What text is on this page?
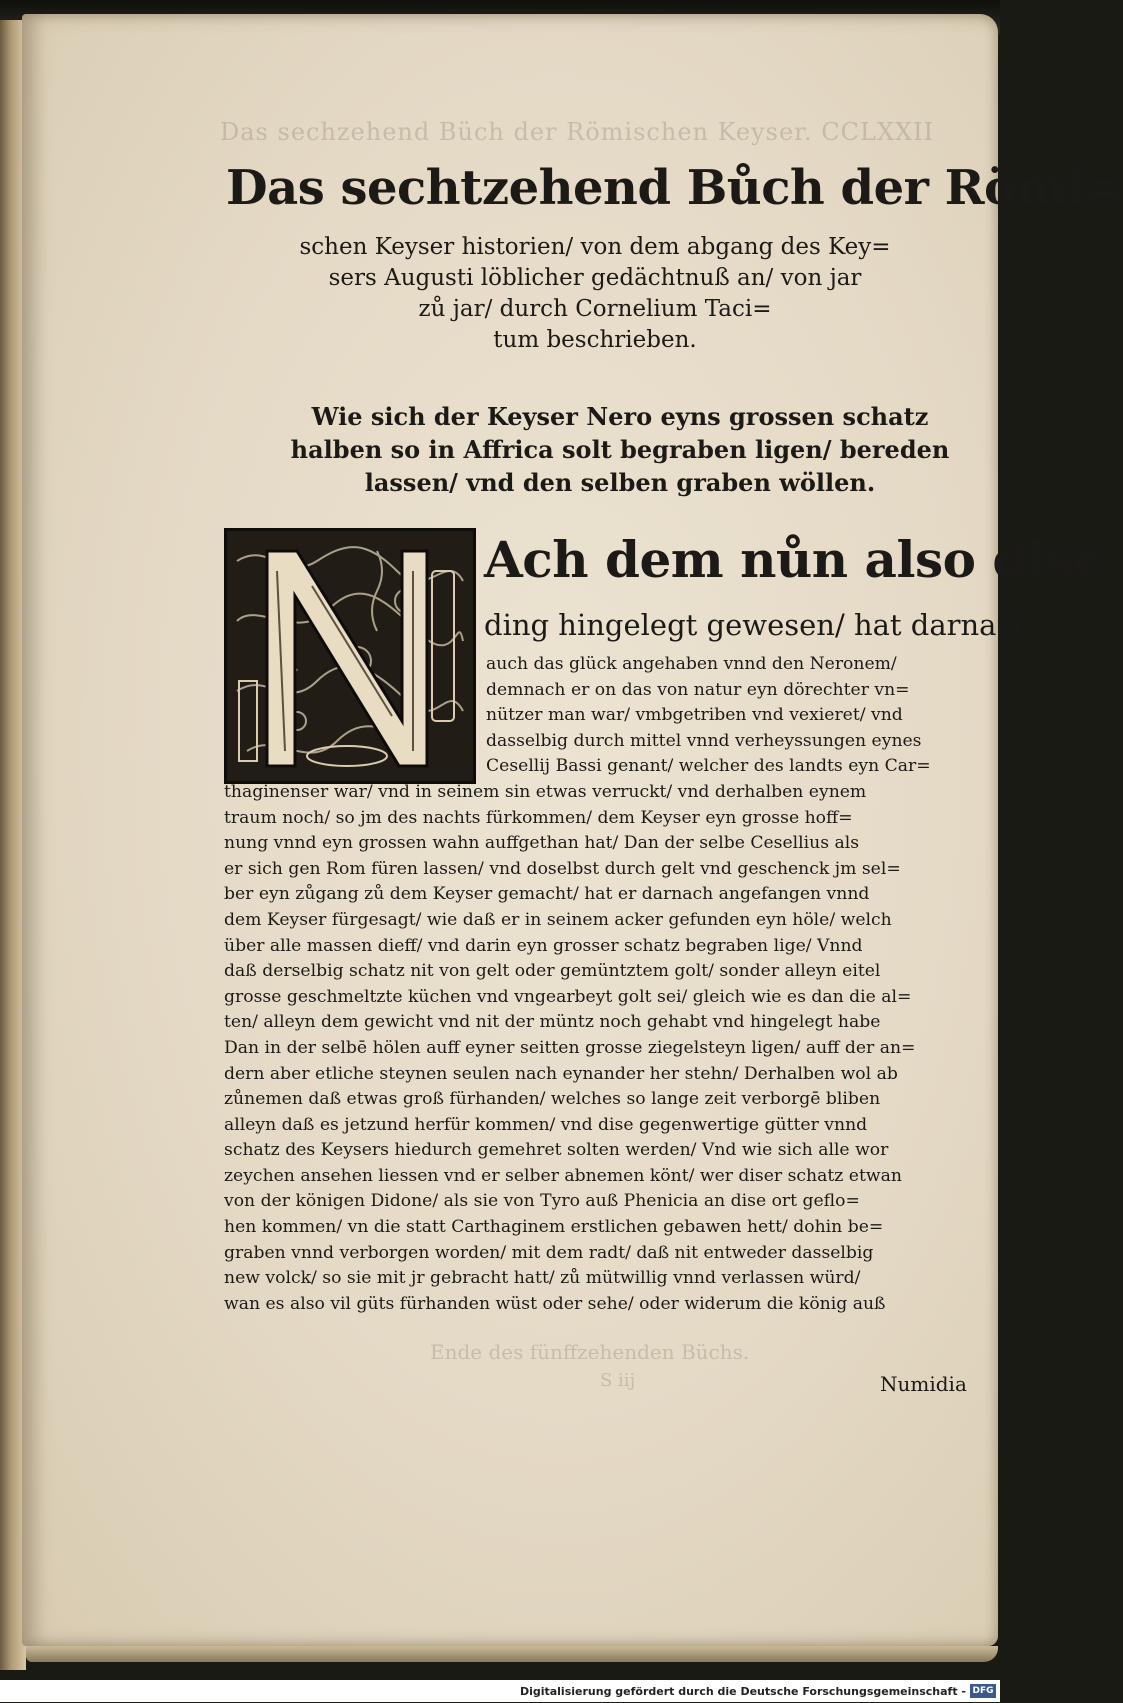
Das sechzehend Büch der Römischen Keyser. CCLXXII
Das sechtzehend Bůch der Römi=
schen Keyser historien/ von dem abgang des Key=
sers Augusti löblicher gedächtnuß an/ von jar
zů jar/ durch Cornelium Taci=
tum beschrieben.
Wie sich der Keyser Nero eyns grossen schatz
halben so in Affrica solt begraben ligen/ bereden
lassen/ vnd den selben graben wöllen.
Ach dem nůn also dise
ding hingelegt gewesen/ hat darnach
auch das glück angehaben vnnd den Neronem/
demnach er on das von natur eyn dörechter vn=
nützer man war/ vmbgetriben vnd vexieret/ vnd
dasselbig durch mittel vnnd verheyssungen eynes
Cesellij Bassi genant/ welcher des landts eyn Car=
thaginenser war/ vnd in seinem sin etwas verruckt/ vnd derhalben eynem
traum noch/ so jm des nachts fürkommen/ dem Keyser eyn grosse hoff=
nung vnnd eyn grossen wahn auffgethan hat/ Dan der selbe Cesellius als
er sich gen Rom füren lassen/ vnd doselbst durch gelt vnd geschenck jm sel=
ber eyn zůgang zů dem Keyser gemacht/ hat er darnach angefangen vnnd
dem Keyser fürgesagt/ wie daß er in seinem acker gefunden eyn höle/ welch
über alle massen dieff/ vnd darin eyn grosser schatz begraben lige/ Vnnd
daß derselbig schatz nit von gelt oder gemüntztem golt/ sonder alleyn eitel
grosse geschmeltzte küchen vnd vngearbeyt golt sei/ gleich wie es dan die al=
ten/ alleyn dem gewicht vnd nit der müntz noch gehabt vnd hingelegt habe
Dan in der selbē hölen auff eyner seitten grosse ziegelsteyn ligen/ auff der an=
dern aber etliche steynen seulen nach eynander her stehn/ Derhalben wol ab
zůnemen daß etwas groß fürhanden/ welches so lange zeit verborgē bliben
alleyn daß es jetzund herfür kommen/ vnd dise gegenwertige gütter vnnd
schatz des Keysers hiedurch gemehret solten werden/ Vnd wie sich alle wor
zeychen ansehen liessen vnd er selber abnemen könt/ wer diser schatz etwan
von der königen Didone/ als sie von Tyro auß Phenicia an dise ort geflo=
hen kommen/ vn die statt Carthaginem erstlichen gebawen hett/ dohin be=
graben vnnd verborgen worden/ mit dem radt/ daß nit entweder dasselbig
new volck/ so sie mit jr gebracht hatt/ zů mütwillig vnnd verlassen würd/
wan es also vil güts fürhanden wüst oder sehe/ oder widerum die könig auß
Ende des fünffzehenden Büchs.
S iij	Numidia
Digitalisierung gefördert durch die Deutsche Forschungsgemeinschaft - DFG
